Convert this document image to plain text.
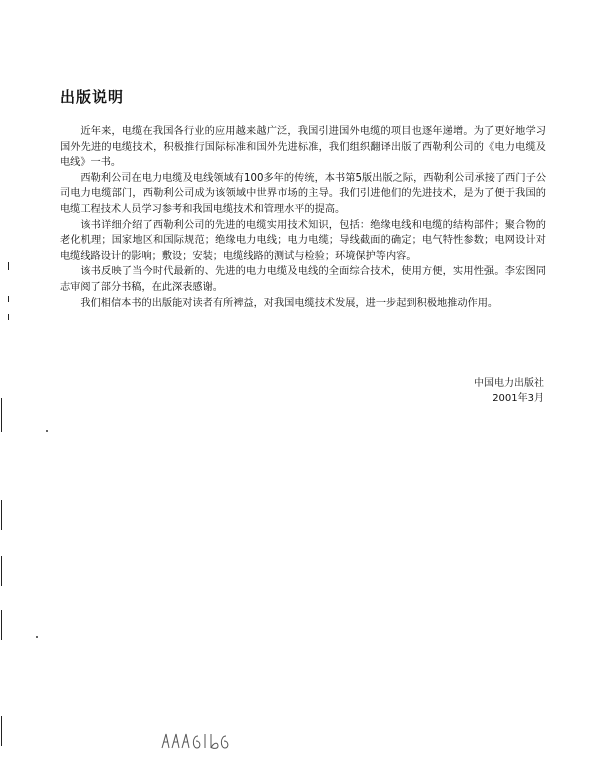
出版说明

近年来，电缆在我国各行业的应用越来越广泛，我国引进国外电缆的项目也逐年递增。为了更好地学习国外先进的电缆技术，积极推行国际标准和国外先进标准，我们组织翻译出版了西勒利公司的《电力电缆及电线》一书。

西勒利公司在电力电缆及电线领域有100多年的传统，本书第5版出版之际，西勒利公司承接了西门子公司电力电缆部门，西勒利公司成为该领域中世界市场的主导。我们引进他们的先进技术，是为了便于我国的电缆工程技术人员学习参考和我国电缆技术和管理水平的提高。

该书详细介绍了西勒利公司的先进的电缆实用技术知识，包括：绝缘电线和电缆的结构部件；聚合物的老化机理；国家地区和国际规范；绝缘电力电线；电力电缆；导线截面的确定；电气特性参数；电网设计对电缆线路设计的影响；敷设；安装；电缆线路的测试与检验；环境保护等内容。

该书反映了当今时代最新的、先进的电力电缆及电线的全面综合技术，使用方便，实用性强。李宏图同志审阅了部分书稿，在此深表感谢。

我们相信本书的出版能对读者有所裨益，对我国电缆技术发展，进一步起到积极地推动作用。

中国电力出版社
2001年3月
